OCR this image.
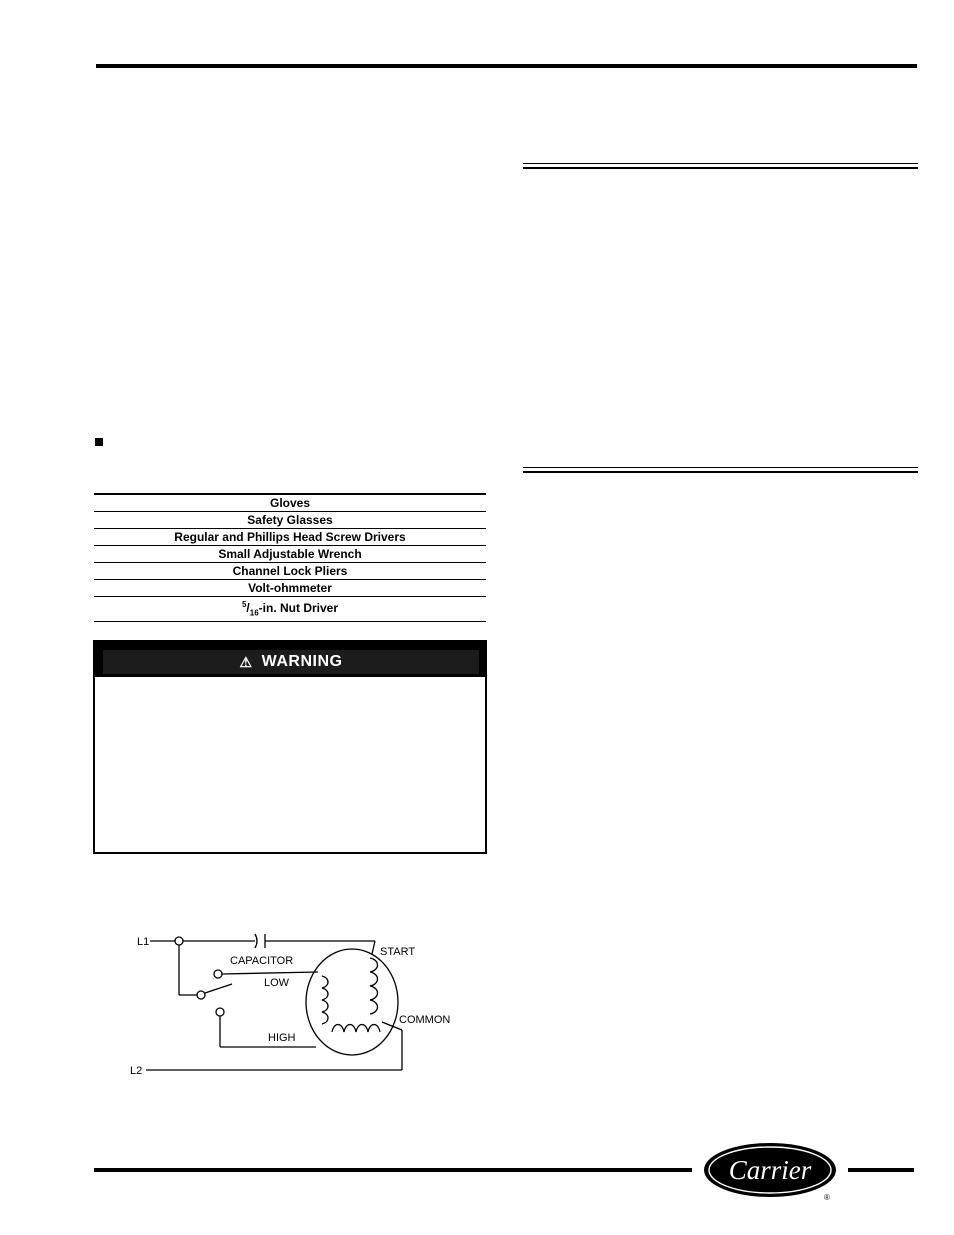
Gloves
Safety Glasses
Regular and Phillips Head Screw Drivers
Small Adjustable Wrench
Channel Lock Pliers
Volt-ohmmeter
$^5/_{16}-in$. Nut Driver
⚠ WARNING
L1
L2
CAPACITOR
LOW
HIGH
START
COMMON
Carrier
®
